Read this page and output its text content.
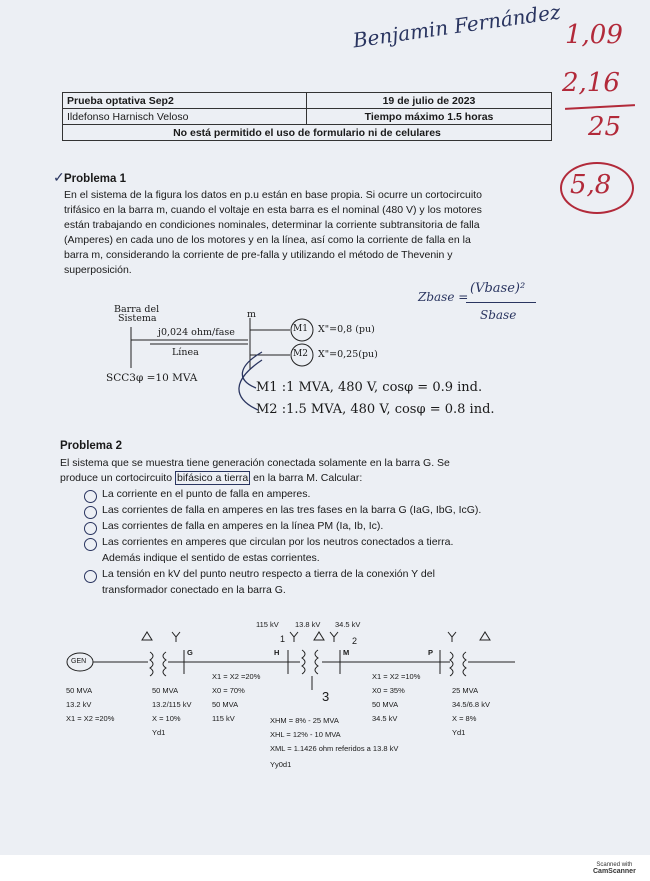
Benjamin Fernández 1,09
2,16
25
5,8
Zbase =
(Vbase)²
Sbase
Prueba optativa Sep2	19 de julio de 2023
Ildefonso Harnisch Veloso	Tiempo máximo 1.5 horas
No está permitido el uso de formulario ni de celulares	
✓ Problema 1
En el sistema de la figura los datos en p.u están en base propia. Si ocurre un cortocircuito
trifásico en la barra m, cuando el voltaje en esta barra es el nominal (480 V) y los motores
están trabajando en condiciones nominales, determinar la corriente subtransitoria de falla
(Amperes) en cada uno de los motores y en la línea, así como la corriente de falla en la
barra m, considerando la corriente de pre-falla y utilizando el método de Thevenin y
superposición.
Barra del
Sistema
j0,024 ohm/fase
Línea
m
SCC3φ =10 MVA
M1
M2
X"=0,8 (pu)
X"=0,25(pu)
M1 :1 MVA, 480 V, cosφ = 0.9 ind.
M2 :1.5 MVA, 480 V, cosφ = 0.8 ind.
Problema 2
El sistema que se muestra tiene generación conectada solamente en la barra G. Se
produce un cortocircuito bifásico a tierra en la barra M. Calcular:
La corriente en el punto de falla en amperes.
Las corrientes de falla en amperes en las tres fases en la barra G (IaG, IbG, IcG).
Las corrientes de falla en amperes en la línea PM (Ia, Ib, Ic).
Las corrientes en amperes que circulan por los neutros conectados a tierra.
Además indique el sentido de estas corrientes.
La tensión en kV del punto neutro respecto a tierra de la conexión Y del
transformador conectado en la barra G.
GEN
G	H	M	P
1	2
3
115 kV 13.8 kV 34.5 kV
50 MVA
13.2 kV
X1 = X2 =20%
50 MVA
13.2/115 kV
X = 10%
Yd1
X1 = X2 =20%
X0 = 70%
50 MVA
115 kV	XHM = 8% - 25 MVA
XHL = 12% - 10 MVA
XML = 1.1426 ohm referidos a 13.8 kV
Yy0d1
X1 = X2 =10%
X0 = 35%
50 MVA
34.5 kV
25 MVA
34.5/6.8 kV
X = 8%
Yd1
Scanned with
CamScanner
